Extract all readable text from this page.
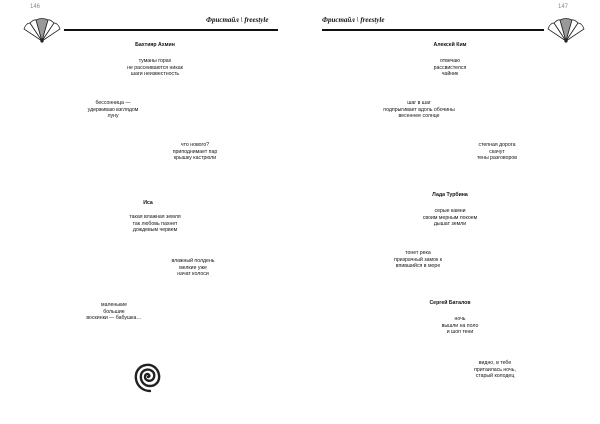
146
Фристайл \ freestyle
Бахтияр Ахмин
туманы горах
не рассеиваются никак
шаги неизвестность
бессонница —
удерживаю взглядом
луну
что нового?
приподнимает пар
крышку кастрюли
Иса
такая влажная земля
так любовь пахнет
дождевым червем
влажный полдень
мелкие уже
начат колоси
маленькие
большие
воскинки — бабушка…
147
Фристайл \ freestyle
Алексей Ким
отвечаю
рассвистелся
чайник
шаг в шаг
подпрыгивает вдоль обочины
весеннее солнце
степная дорога
скачут
тены разговоров
Лада Турбина
серые камни
своим мерным покоем
дышат земли
тонет река
призрачный замок к
впившийся в море
Сергей Баталов
ночь
вышли на поло
и шоп тени
видно, в тебе
притаилась ночь,
старый колодец
